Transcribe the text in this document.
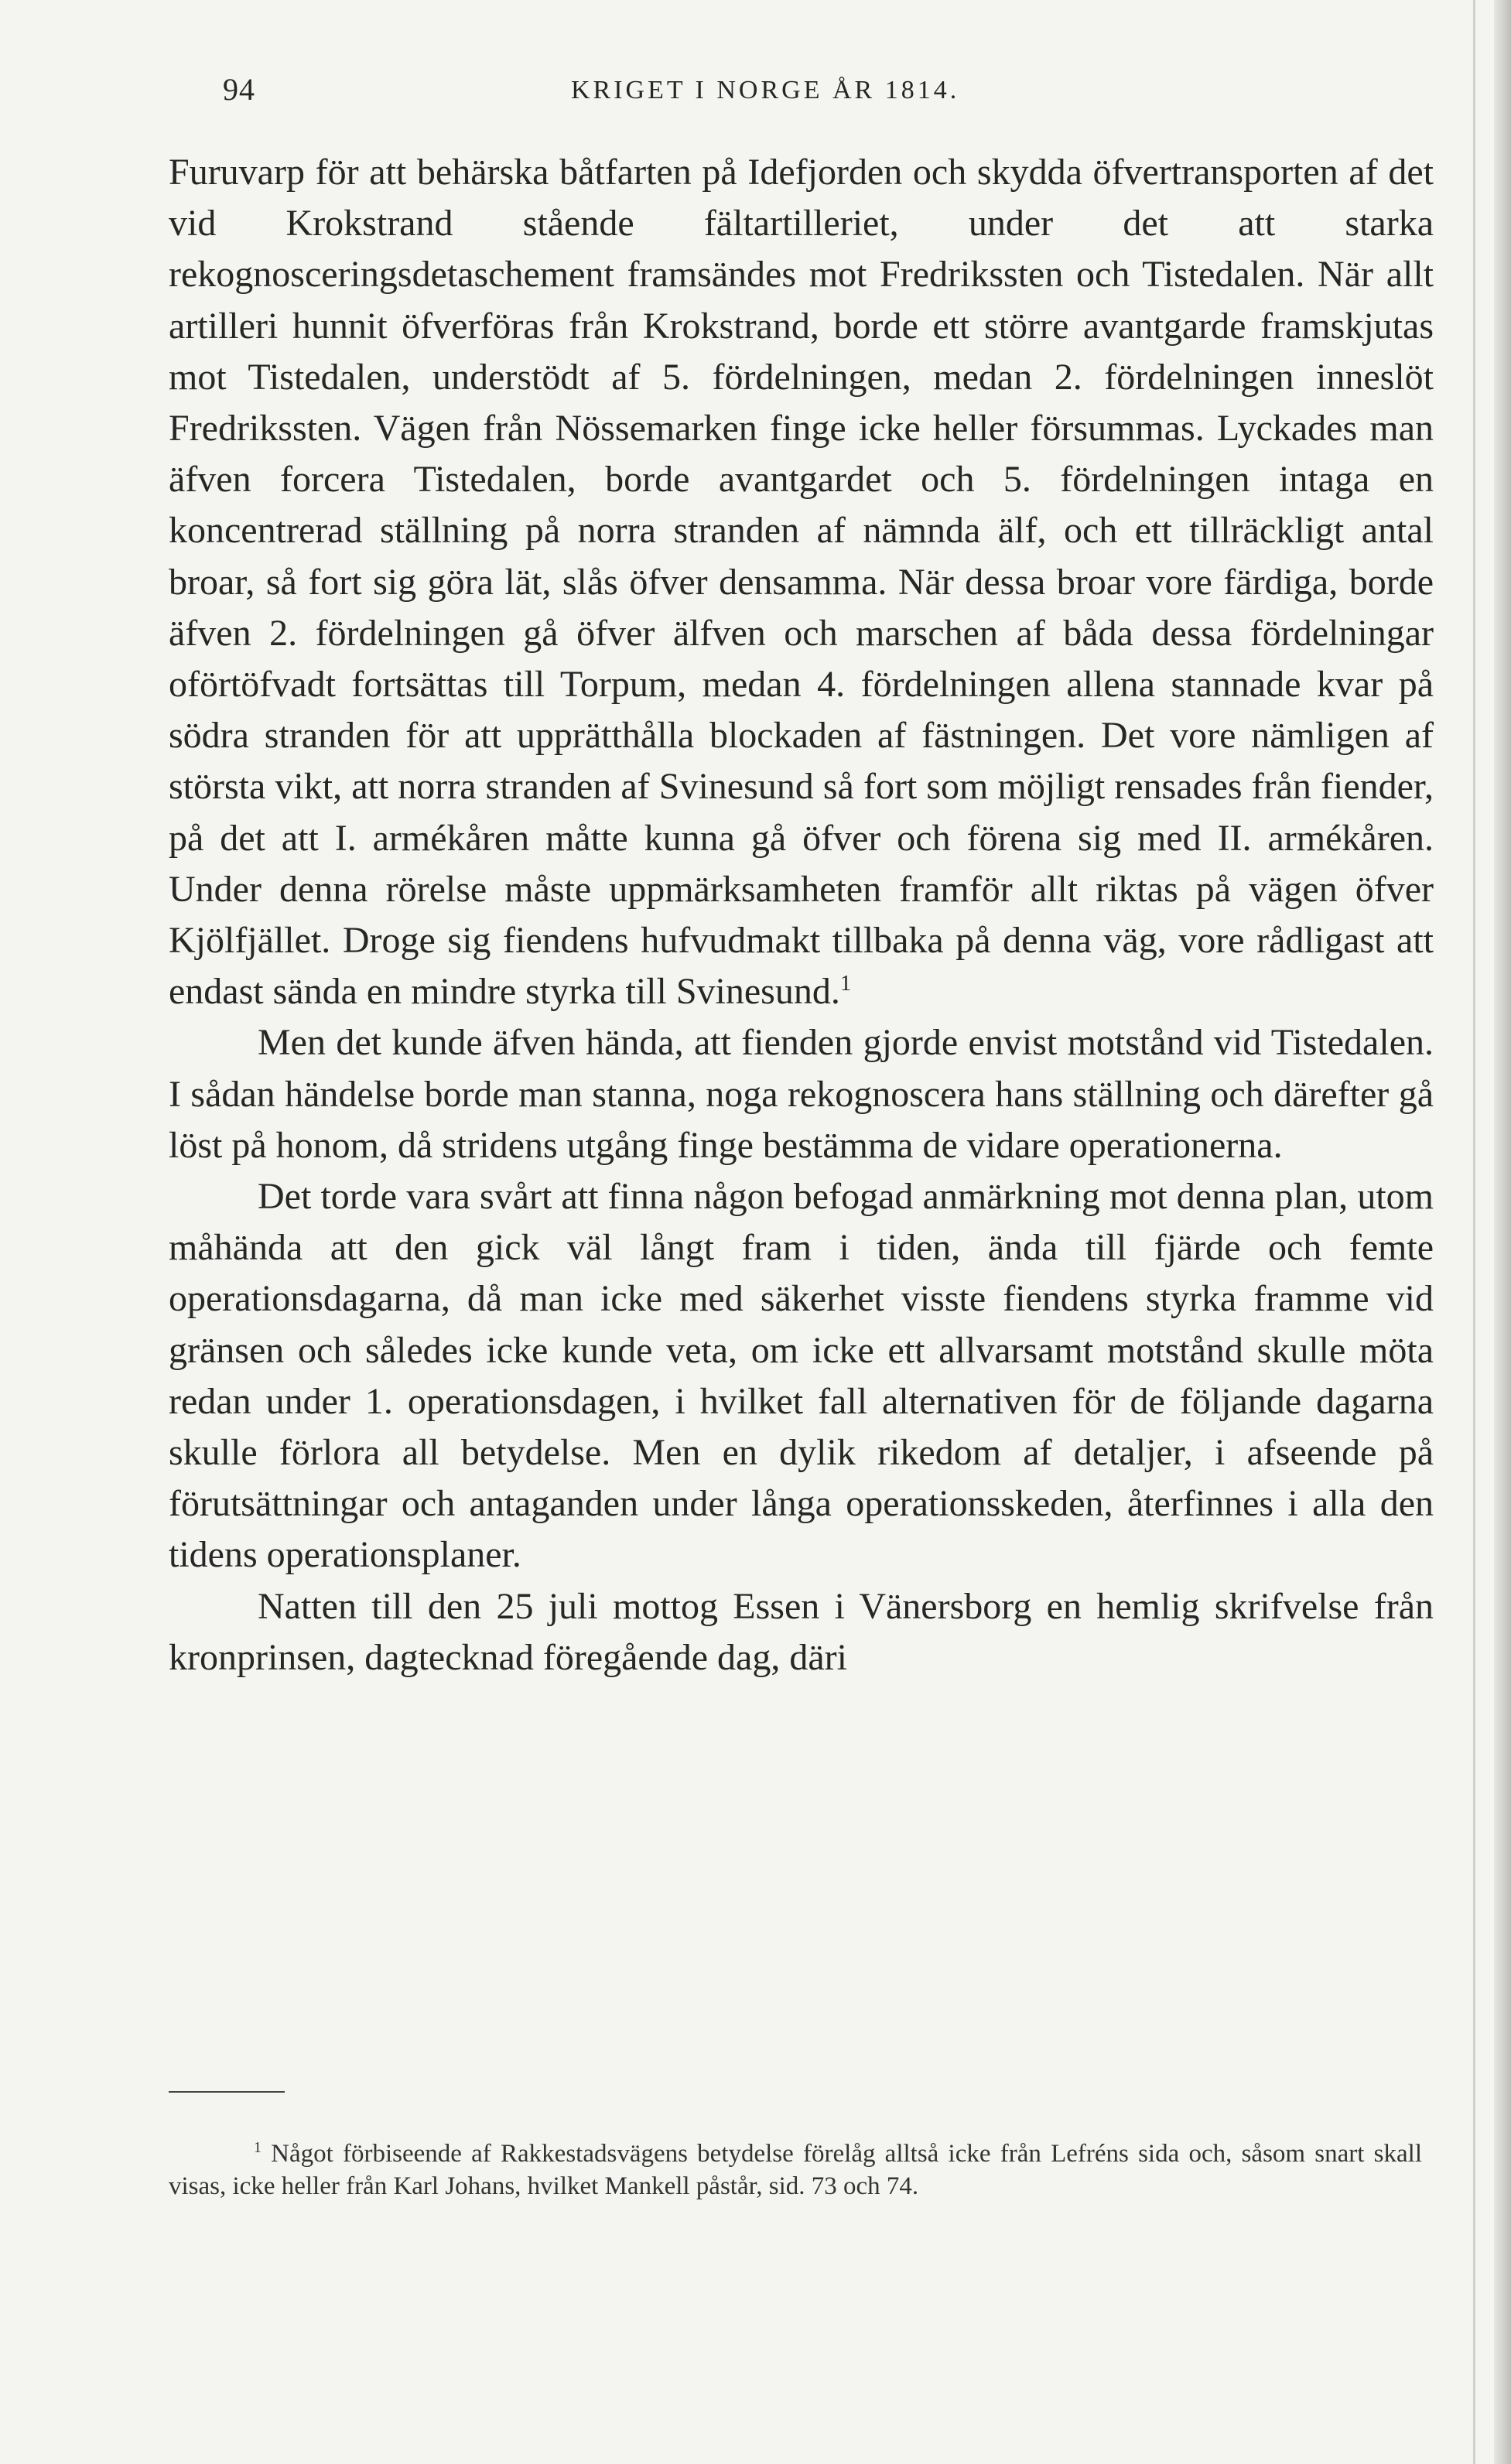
94	KRIGET I NORGE ÅR 1814.

Furuvarp för att behärska båtfarten på Idefjorden och skydda öfvertransporten af det vid Krokstrand stående fältartilleriet, under det att starka rekognosceringsdetaschement framsändes mot Fredrikssten och Tistedalen. När allt artilleri hunnit öfverföras från Krokstrand, borde ett större avantgarde framskjutas mot Tistedalen, understödt af 5. fördelningen, medan 2. fördelningen inneslöt Fredrikssten. Vägen från Nössemarken finge icke heller försummas. Lyckades man äfven forcera Tistedalen, borde avantgardet och 5. fördelningen intaga en koncentrerad ställning på norra stranden af nämnda älf, och ett tillräckligt antal broar, så fort sig göra lät, slås öfver densamma. När dessa broar vore färdiga, borde äfven 2. fördelningen gå öfver älfven och marschen af båda dessa fördelningar oförtöfvadt fortsättas till Torpum, medan 4. fördelningen allena stannade kvar på södra stranden för att upprätthålla blockaden af fästningen. Det vore nämligen af största vikt, att norra stranden af Svinesund så fort som möjligt rensades från fiender, på det att I. armékåren måtte kunna gå öfver och förena sig med II. armékåren. Under denna rörelse måste uppmärksamheten framför allt riktas på vägen öfver Kjölfjället. Droge sig fiendens hufvudmakt tillbaka på denna väg, vore rådligast att endast sända en mindre styrka till Svinesund.$^1$

Men det kunde äfven hända, att fienden gjorde envist motstånd vid Tistedalen. I sådan händelse borde man stanna, noga rekognoscera hans ställning och därefter gå löst på honom, då stridens utgång finge bestämma de vidare operationerna.

Det torde vara svårt att finna någon befogad anmärkning mot denna plan, utom måhända att den gick väl långt fram i tiden, ända till fjärde och femte operationsdagarna, då man icke med säkerhet visste fiendens styrka framme vid gränsen och således icke kunde veta, om icke ett allvarsamt motstånd skulle möta redan under 1. operationsdagen, i hvilket fall alternativen för de följande dagarna skulle förlora all betydelse. Men en dylik rikedom af detaljer, i afseende på förutsättningar och antaganden under långa operationsskeden, återfinnes i alla den tidens operationsplaner.

Natten till den 25 juli mottog Essen i Vänersborg en hemlig skrifvelse från kronprinsen, dagtecknad föregående dag, däri

$^1$ Något förbiseende af Rakkestadsvägens betydelse förelåg alltså icke från Lefréns sida och, såsom snart skall visas, icke heller från Karl Johans, hvilket Mankell påstår, sid. 73 och 74.
